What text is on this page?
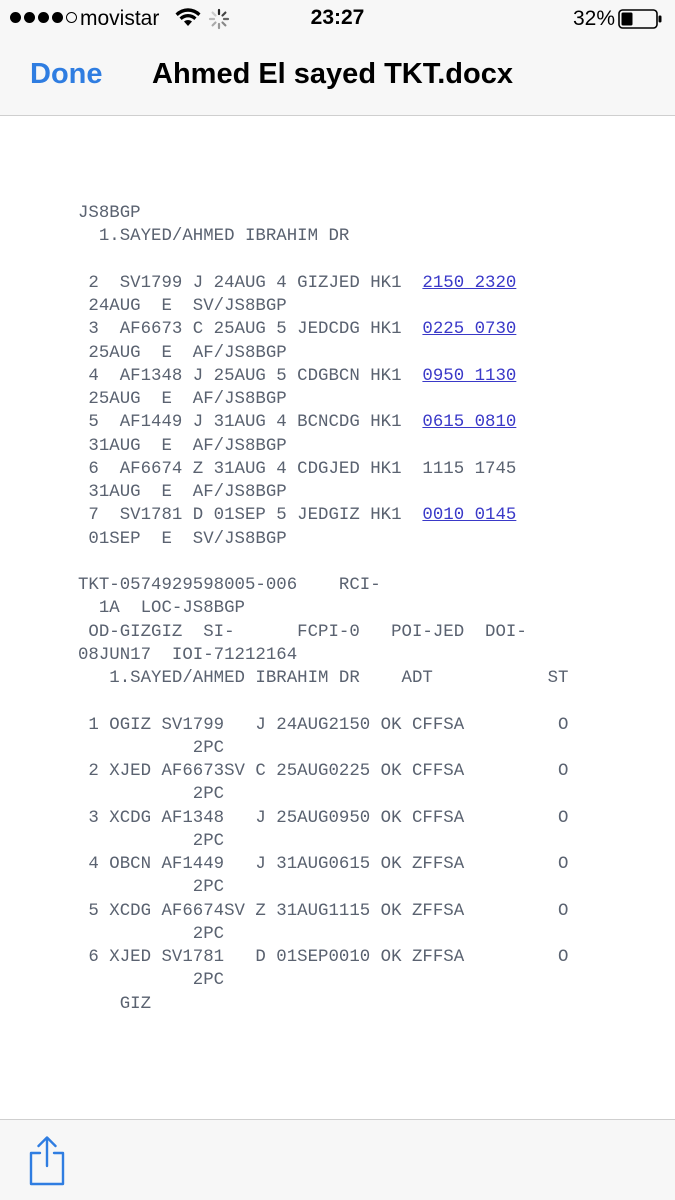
movistar	23:27	32%
Done Ahmed El sayed TKT.docx
JS8BGP
1.SAYED/AHMED IBRAHIM DR
2  SV1799 J 24AUG 4 GIZJED HK1  2150 2320
24AUG  E  SV/JS8BGP
3  AF6673 C 25AUG 5 JEDCDG HK1  0225 0730
25AUG  E  AF/JS8BGP
4  AF1348 J 25AUG 5 CDGBCN HK1  0950 1130
25AUG  E  AF/JS8BGP
5  AF1449 J 31AUG 4 BCNCDG HK1  0615 0810
31AUG  E  AF/JS8BGP
6  AF6674 Z 31AUG 4 CDGJED HK1  1115 1745
31AUG  E  AF/JS8BGP
7  SV1781 D 01SEP 5 JEDGIZ HK1  0010 0145
01SEP  E  SV/JS8BGP
TKT-0574929598005-006    RCI-
1A  LOC-JS8BGP
OD-GIZGIZ  SI-      FCPI-0   POI-JED  DOI-
08JUN17  IOI-71212164
1.SAYED/AHMED IBRAHIM DR    ADT           ST
1 OGIZ SV1799   J 24AUG2150 OK CFFSA         O
2PC
2 XJED AF6673SV C 25AUG0225 OK CFFSA         O
2PC
3 XCDG AF1348   J 25AUG0950 OK CFFSA         O
2PC
4 OBCN AF1449   J 31AUG0615 OK ZFFSA         O
2PC
5 XCDG AF6674SV Z 31AUG1115 OK ZFFSA         O
2PC
6 XJED SV1781   D 01SEP0010 OK ZFFSA         O
2PC
GIZ
